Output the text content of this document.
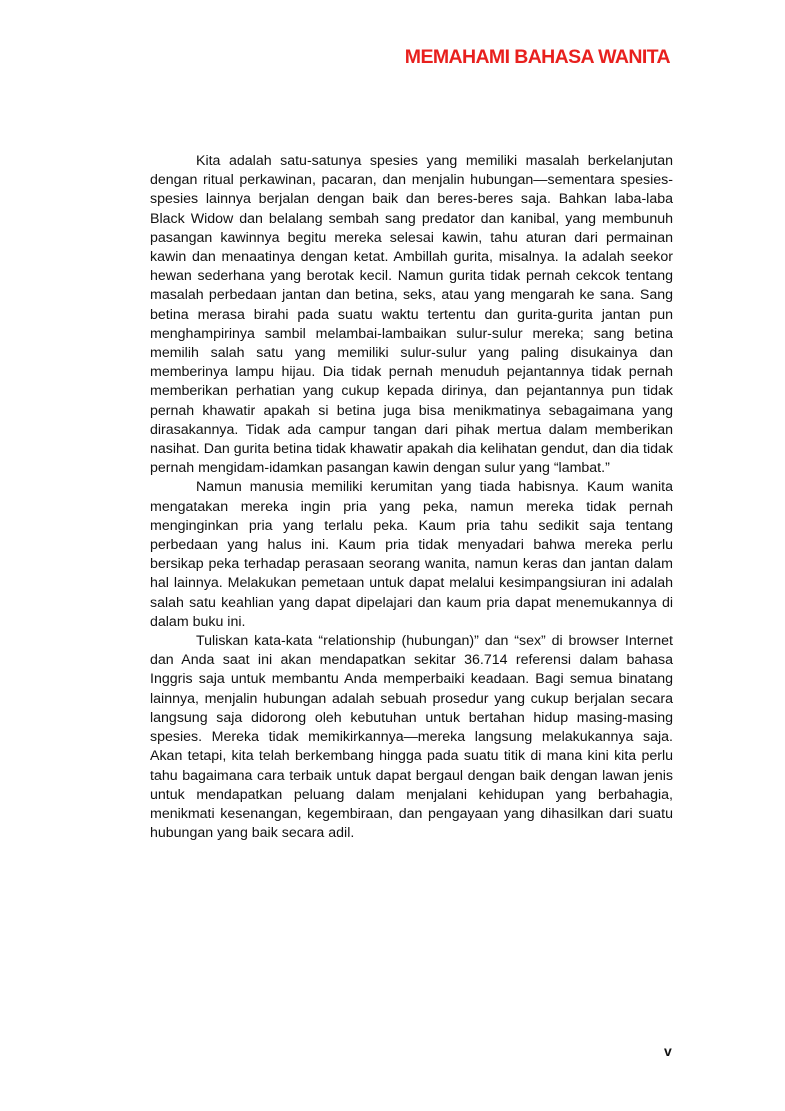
MEMAHAMI BAHASA WANITA

Kita adalah satu-satunya spesies yang memiliki masalah berkelanjutan dengan ritual perkawinan, pacaran, dan menjalin hubungan—sementara spesies-spesies lainnya berjalan dengan baik dan beres-beres saja. Bahkan laba-laba Black Widow dan belalang sembah sang predator dan kanibal, yang membunuh pasangan kawinnya begitu mereka selesai kawin, tahu aturan dari permainan kawin dan menaatinya dengan ketat. Ambillah gurita, misalnya. Ia adalah seekor hewan sederhana yang berotak kecil. Namun gurita tidak pernah cekcok tentang masalah perbedaan jantan dan betina, seks, atau yang mengarah ke sana. Sang betina merasa birahi pada suatu waktu tertentu dan gurita-gurita jantan pun menghampirinya sambil melambai-lambaikan sulur-sulur mereka; sang betina memilih salah satu yang memiliki sulur-sulur yang paling disukainya dan memberinya lampu hijau. Dia tidak pernah menuduh pejantannya tidak pernah memberikan perhatian yang cukup kepada dirinya, dan pejantannya pun tidak pernah khawatir apakah si betina juga bisa menikmatinya sebagaimana yang dirasakannya. Tidak ada campur tangan dari pihak mertua dalam memberikan nasihat. Dan gurita betina tidak khawatir apakah dia kelihatan gendut, dan dia tidak pernah mengidam-idamkan pasangan kawin dengan sulur yang “lambat.”

Namun manusia memiliki kerumitan yang tiada habisnya. Kaum wanita mengatakan mereka ingin pria yang peka, namun mereka tidak pernah menginginkan pria yang terlalu peka. Kaum pria tahu sedikit saja tentang perbedaan yang halus ini. Kaum pria tidak menyadari bahwa mereka perlu bersikap peka terhadap perasaan seorang wanita, namun keras dan jantan dalam hal lainnya. Melakukan pemetaan untuk dapat melalui kesimpangsiuran ini adalah salah satu keahlian yang dapat dipelajari dan kaum pria dapat menemukannya di dalam buku ini.

Tuliskan kata-kata “relationship (hubungan)” dan “sex” di browser Internet dan Anda saat ini akan mendapatkan sekitar 36.714 referensi dalam bahasa Inggris saja untuk membantu Anda memperbaiki keadaan. Bagi semua binatang lainnya, menjalin hubungan adalah sebuah prosedur yang cukup berjalan secara langsung saja didorong oleh kebutuhan untuk bertahan hidup masing-masing spesies. Mereka tidak memikirkannya—mereka langsung melakukannya saja. Akan tetapi, kita telah berkembang hingga pada suatu titik di mana kini kita perlu tahu bagaimana cara terbaik untuk dapat bergaul dengan baik dengan lawan jenis untuk mendapatkan peluang dalam menjalani kehidupan yang berbahagia, menikmati kesenangan, kegembiraan, dan pengayaan yang dihasilkan dari suatu hubungan yang baik secara adil.

v
